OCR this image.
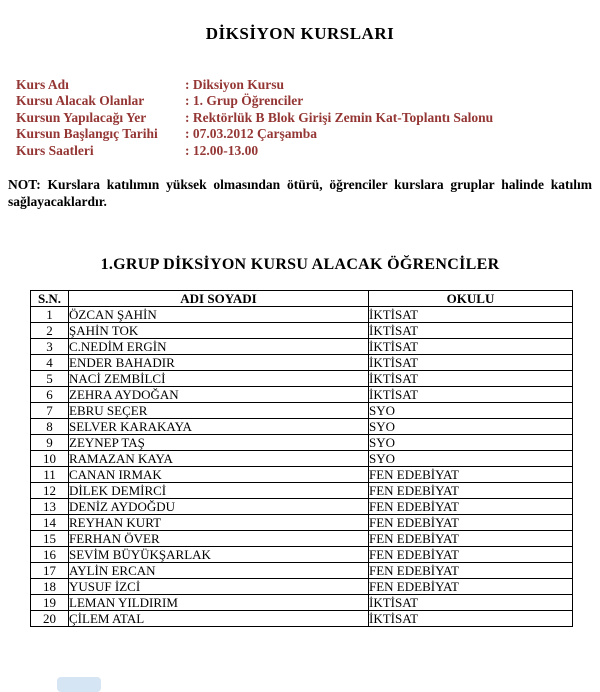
DİKSİYON KURSLARI
Kurs Adı	: Diksiyon Kursu
Kursu Alacak Olanlar	: 1. Grup Öğrenciler
Kursun Yapılacağı Yer	: Rektörlük B Blok Girişi Zemin Kat-Toplantı Salonu
Kursun Başlangıç Tarihi	: 07.03.2012 Çarşamba
Kurs Saatleri	: 12.00-13.00
NOT: Kurslara katılımın yüksek olmasından ötürü, öğrenciler kurslara gruplar halinde katılım sağlayacaklardır.
1.GRUP DİKSİYON KURSU ALACAK ÖĞRENCİLER
S.N.	ADI SOYADI	OKULU
1	ÖZCAN ŞAHİN	İKTİSAT
2	ŞAHİN TOK	İKTİSAT
3	C.NEDİM ERGİN	İKTİSAT
4	ENDER BAHADIR	İKTİSAT
5	NACİ ZEMBİLCİ	İKTİSAT
6	ZEHRA AYDOĞAN	İKTİSAT
7	EBRU SEÇER	SYO
8	SELVER KARAKAYA	SYO
9	ZEYNEP TAŞ	SYO
10	RAMAZAN KAYA	SYO
11	CANAN IRMAK	FEN EDEBİYAT
12	DİLEK DEMİRCİ	FEN EDEBİYAT
13	DENİZ AYDOĞDU	FEN EDEBİYAT
14	REYHAN KURT	FEN EDEBİYAT
15	FERHAN ÖVER	FEN EDEBİYAT
16	SEVİM BÜYÜKŞARLAK	FEN EDEBİYAT
17	AYLİN ERCAN	FEN EDEBİYAT
18	YUSUF İZCİ	FEN EDEBİYAT
19	LEMAN YILDIRIM	İKTİSAT
20	ÇİLEM ATAL	İKTİSAT
